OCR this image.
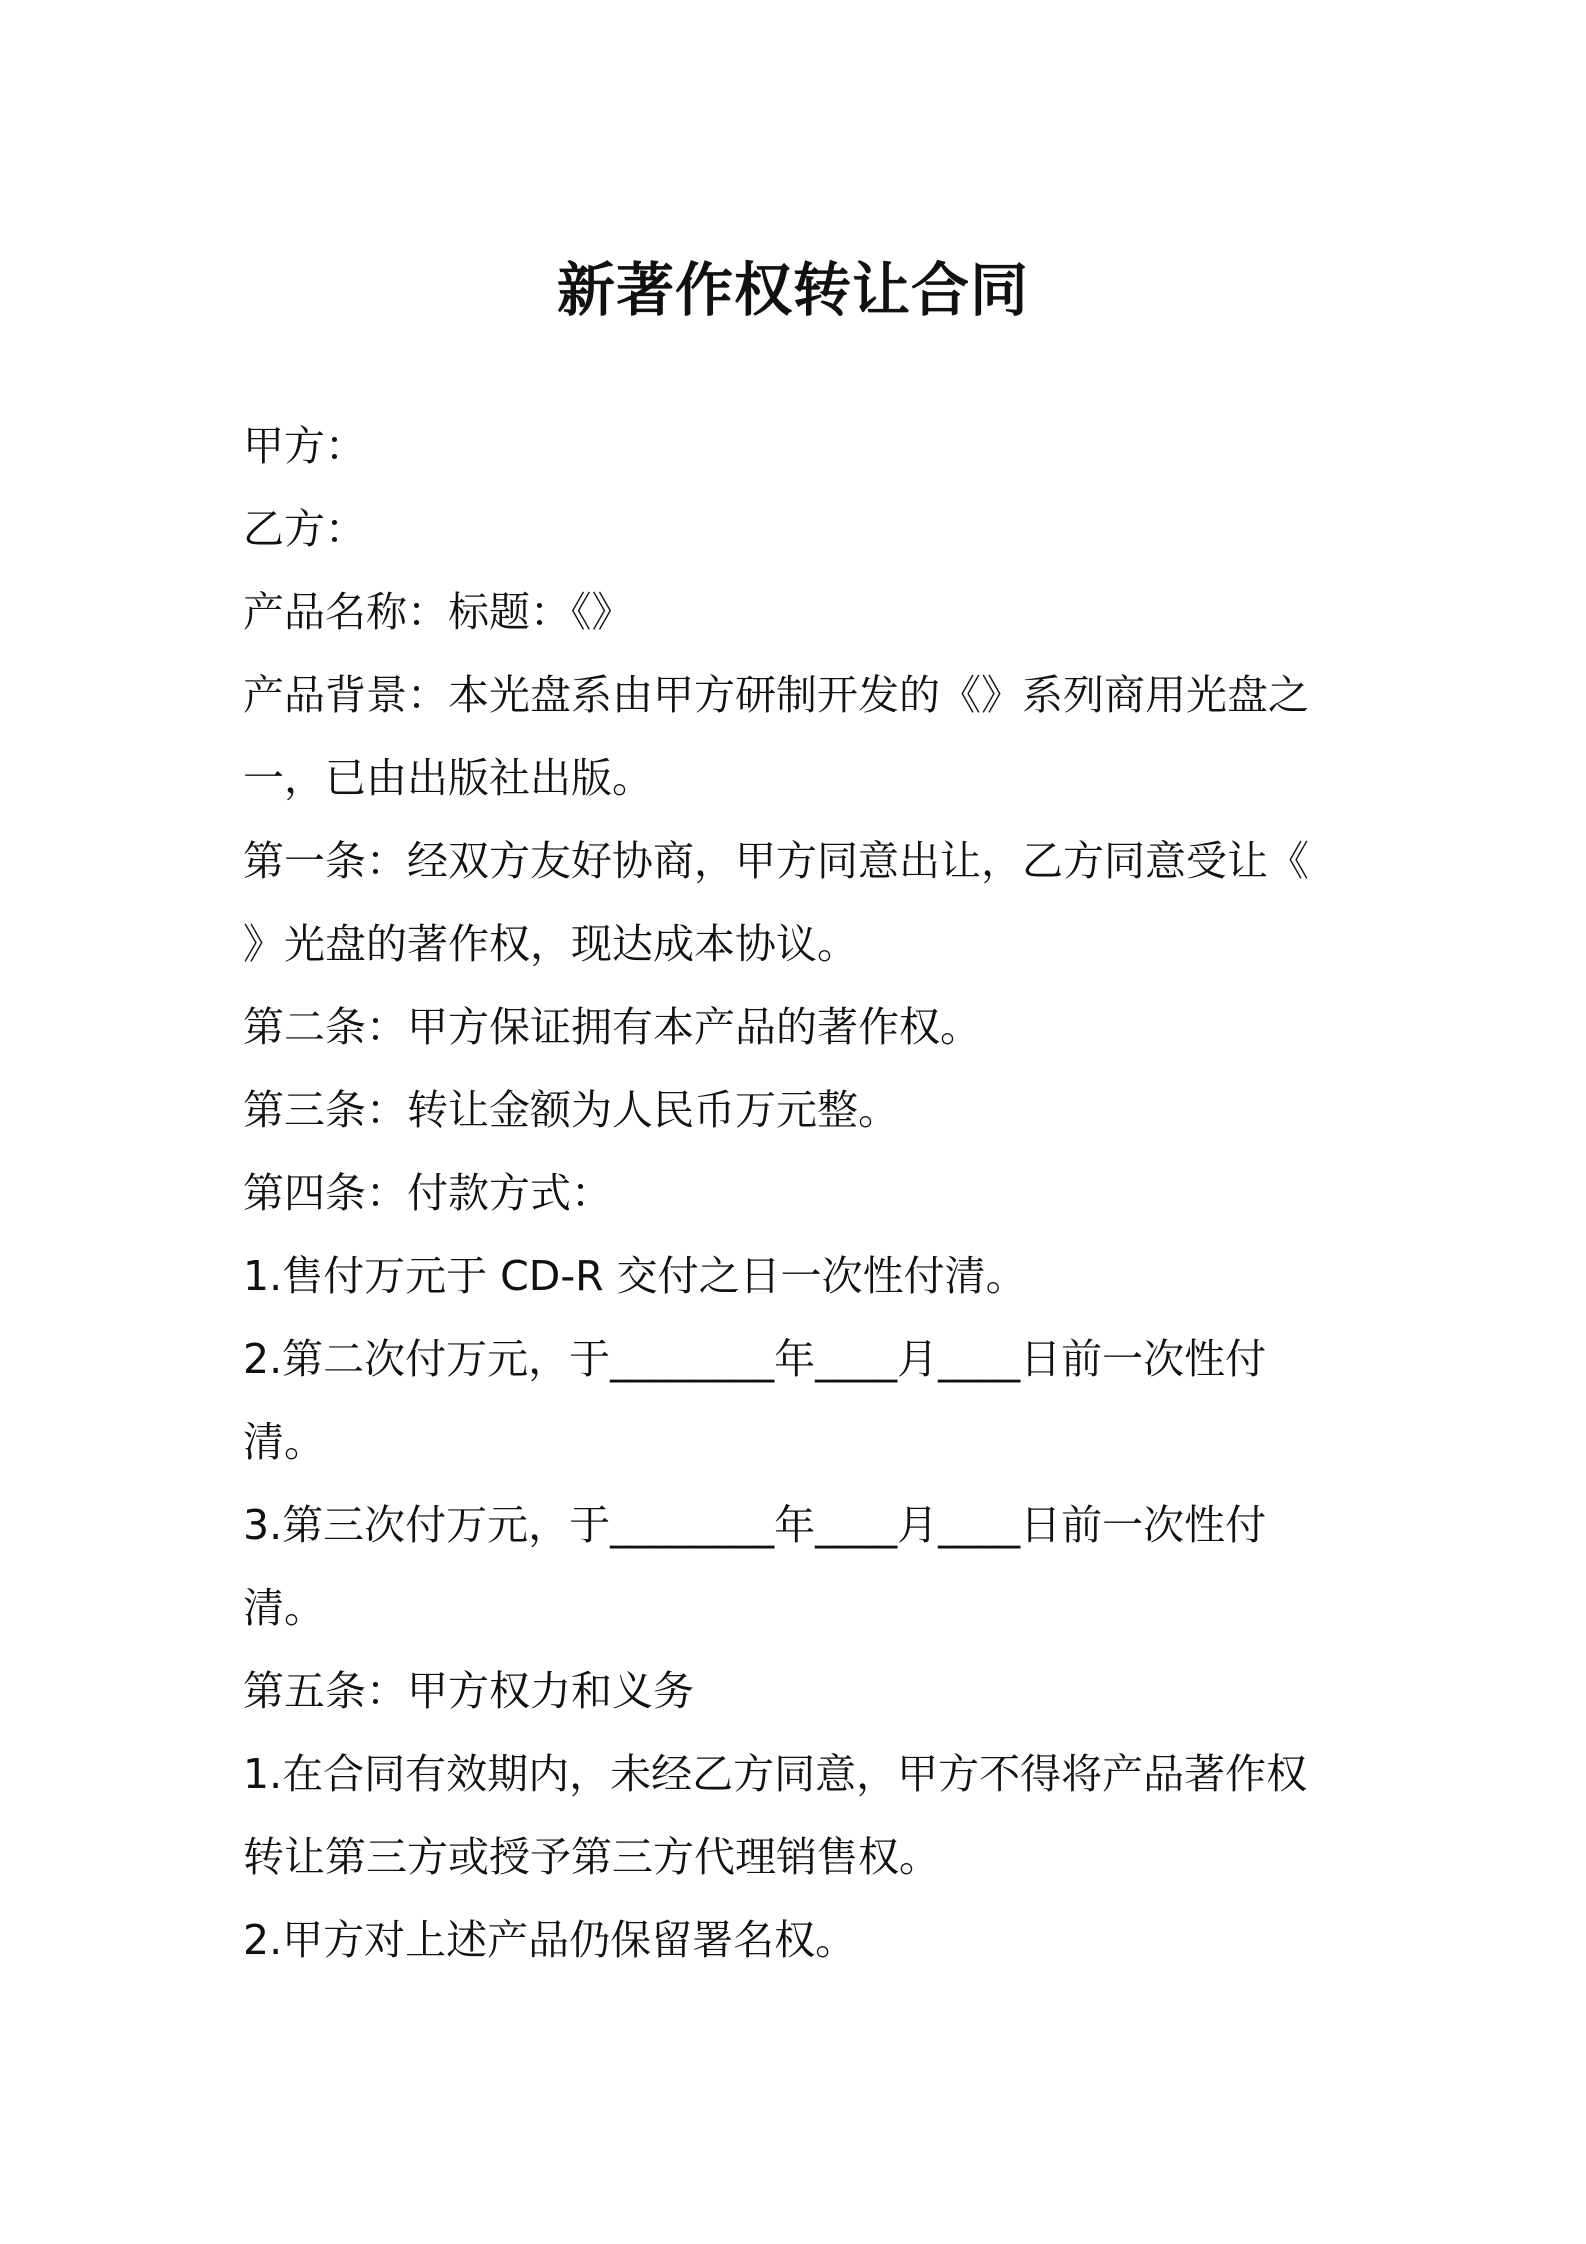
新著作权转让合同
甲方：
乙方：
产品名称：标题：《》
产品背景：本光盘系由甲方研制开发的《》系列商用光盘之
一，已由出版社出版。
第一条：经双方友好协商，甲方同意出让，乙方同意受让《
》光盘的著作权，现达成本协议。
第二条：甲方保证拥有本产品的著作权。
第三条：转让金额为人民币万元整。
第四条：付款方式：
1.售付万元于 CD-R 交付之日一次性付清。
2.第二次付万元，于________年____月____日前一次性付
清。
3.第三次付万元，于________年____月____日前一次性付
清。
第五条：甲方权力和义务
1.在合同有效期内，未经乙方同意，甲方不得将产品著作权
转让第三方或授予第三方代理销售权。
2.甲方对上述产品仍保留署名权。
